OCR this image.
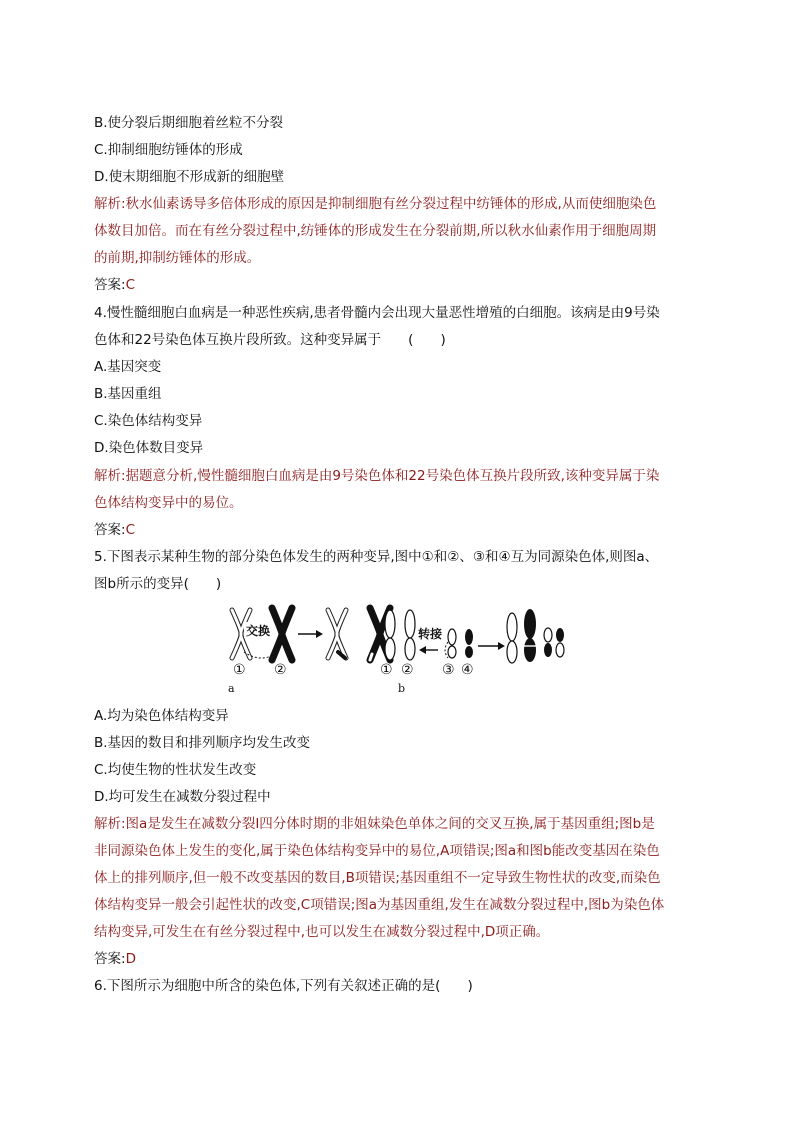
B.使分裂后期细胞着丝粒不分裂
C.抑制细胞纺锤体的形成
D.使末期细胞不形成新的细胞壁
解析:秋水仙素诱导多倍体形成的原因是抑制细胞有丝分裂过程中纺锤体的形成,从而使细胞染色
体数目加倍。而在有丝分裂过程中,纺锤体的形成发生在分裂前期,所以秋水仙素作用于细胞周期
的前期,抑制纺锤体的形成。
答案:C
4.慢性髓细胞白血病是一种恶性疾病,患者骨髓内会出现大量恶性增殖的白细胞。该病是由9号染
色体和22号染色体互换片段所致。这种变异属于　　(　　)
A.基因突变
B.基因重组
C.染色体结构变异
D.染色体数目变异
解析:据题意分析,慢性髓细胞白血病是由9号染色体和22号染色体互换片段所致,该种变异属于染
色体结构变异中的易位。
答案:C
5.下图表示某种生物的部分染色体发生的两种变异,图中①和②、③和④互为同源染色体,则图a、
图b所示的变异(　　)
交换
① ②	① ②
转接
③ ④
a	b
A.均为染色体结构变异
B.基因的数目和排列顺序均发生改变
C.均使生物的性状发生改变
D.均可发生在减数分裂过程中
解析:图a是发生在减数分裂Ⅰ四分体时期的非姐妹染色单体之间的交叉互换,属于基因重组;图b是
非同源染色体上发生的变化,属于染色体结构变异中的易位,A项错误;图a和图b能改变基因在染色
体上的排列顺序,但一般不改变基因的数目,B项错误;基因重组不一定导致生物性状的改变,而染色
体结构变异一般会引起性状的改变,C项错误;图a为基因重组,发生在减数分裂过程中,图b为染色体
结构变异,可发生在有丝分裂过程中,也可以发生在减数分裂过程中,D项正确。
答案:D
6.下图所示为细胞中所含的染色体,下列有关叙述正确的是(　　)
